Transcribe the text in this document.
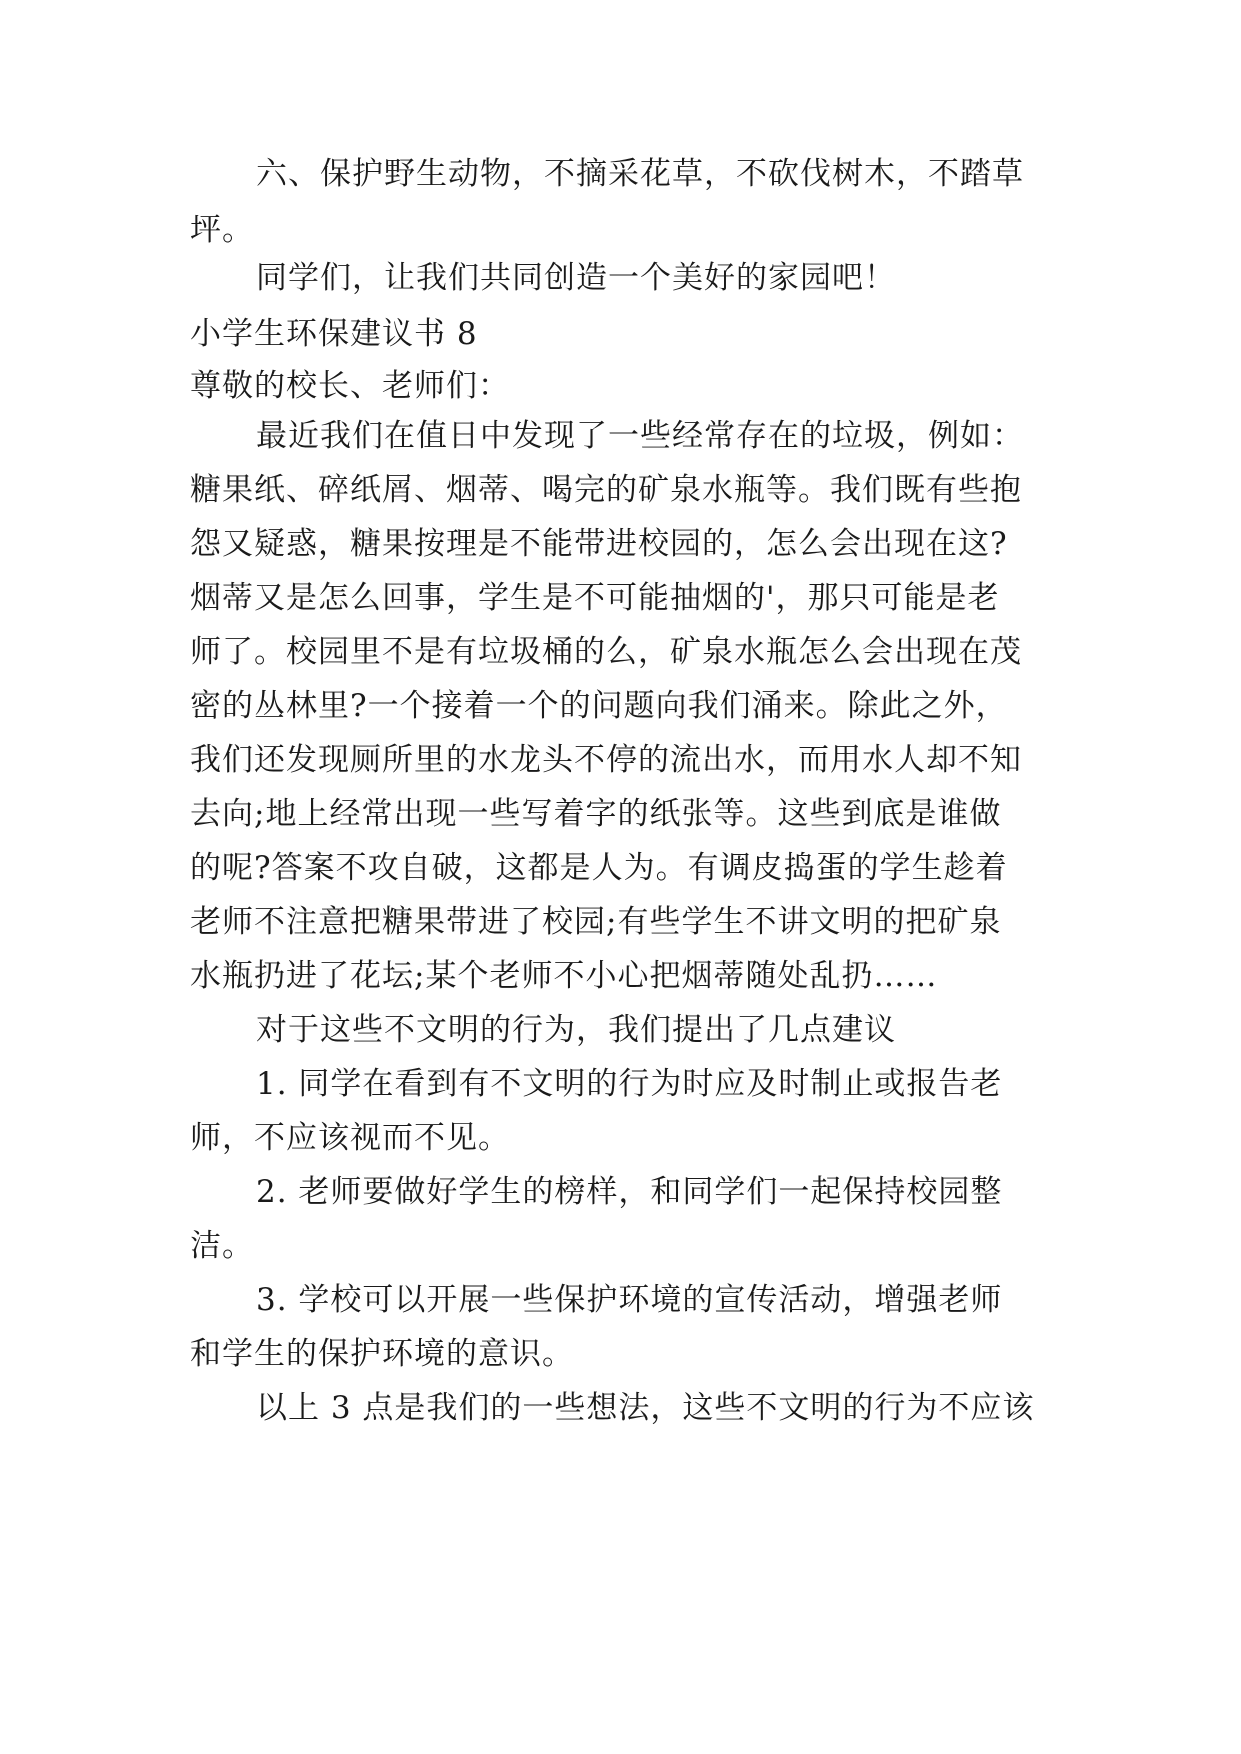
六、保护野生动物，不摘采花草，不砍伐树木，不踏草
坪。
同学们，让我们共同创造一个美好的家园吧！
小学生环保建议书 8
尊敬的校长、老师们：
最近我们在值日中发现了一些经常存在的垃圾，例如：
糖果纸、碎纸屑、烟蒂、喝完的矿泉水瓶等。我们既有些抱
怨又疑惑，糖果按理是不能带进校园的，怎么会出现在这?
烟蒂又是怎么回事，学生是不可能抽烟的'，那只可能是老
师了。校园里不是有垃圾桶的么，矿泉水瓶怎么会出现在茂
密的丛林里?一个接着一个的问题向我们涌来。除此之外，
我们还发现厕所里的水龙头不停的流出水，而用水人却不知
去向;地上经常出现一些写着字的纸张等。这些到底是谁做
的呢?答案不攻自破，这都是人为。有调皮捣蛋的学生趁着
老师不注意把糖果带进了校园;有些学生不讲文明的把矿泉
水瓶扔进了花坛;某个老师不小心把烟蒂随处乱扔……
对于这些不文明的行为，我们提出了几点建议
1. 同学在看到有不文明的行为时应及时制止或报告老
师，不应该视而不见。
2. 老师要做好学生的榜样，和同学们一起保持校园整
洁。
3. 学校可以开展一些保护环境的宣传活动，增强老师
和学生的保护环境的意识。
以上 3 点是我们的一些想法，这些不文明的行为不应该
